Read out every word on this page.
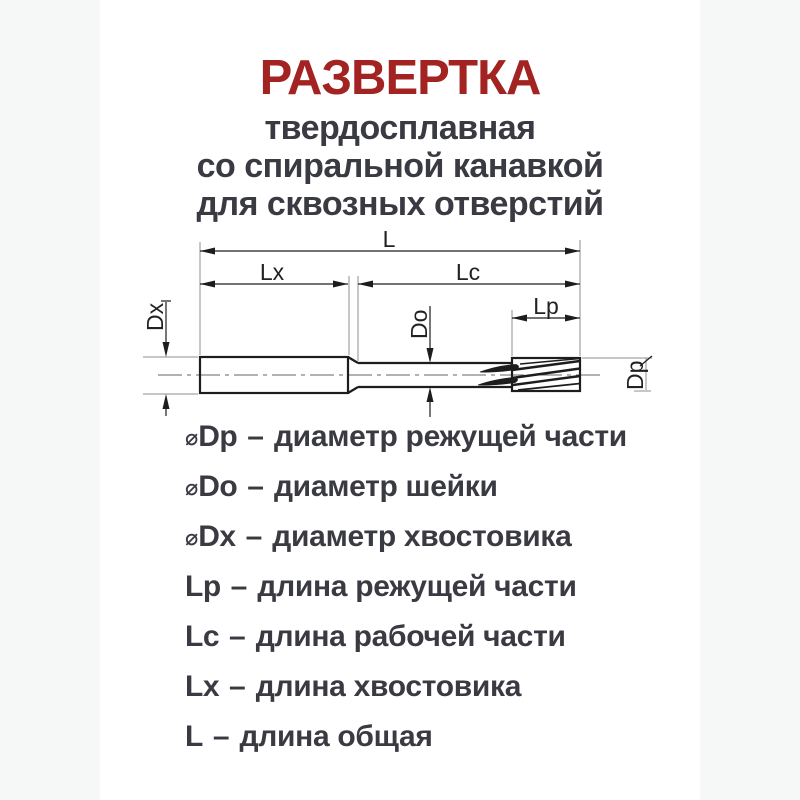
РАЗВЕРТКА
твердосплавная
со спиральной канавкой
для сквозных отверстий
L
Lx	Lc
Lp
Dx	Do
Dp
⌀ Dp – диаметр режущей части
⌀ Do – диаметр шейки
⌀ Dx – диаметр хвостовика
Lp – длина режущей части
Lc – длина рабочей части
Lx – длина хвостовика
L – длина общая
